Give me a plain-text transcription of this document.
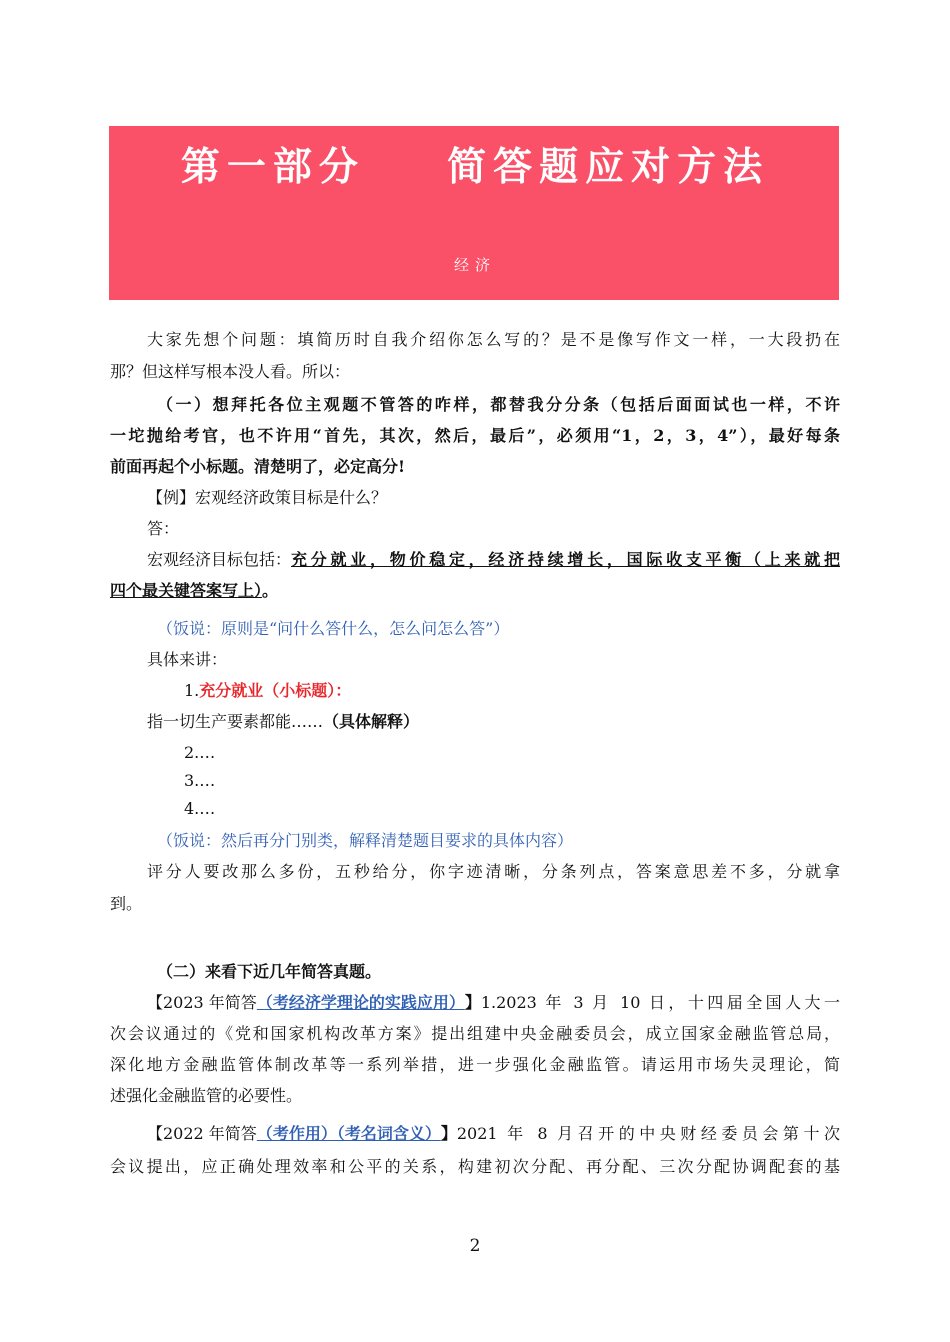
第一部分    简答题应对方法
经济
大家先想个问题：填简历时自我介绍你怎么写的？是不是像写作文一样，一大段扔在
那？但这样写根本没人看。所以：
（一）想拜托各位主观题不管答的咋样，都替我分分条（包括后面面试也一样，不许
一坨抛给考官，也不许用“首先，其次，然后，最后”，必须用“1，2，3，4”），最好每条
前面再起个小标题。清楚明了，必定高分!
【例】宏观经济政策目标是什么？
答：
宏观经济目标包括： 充分就业，物价稳定，经济持续增长，国际收支平衡（上来就把
四个最关键答案写上）。
（饭说：原则是“问什么答什么，怎么问怎么答”）
具体来讲：
1.充分就业（小标题）：
指一切生产要素都能……（具体解释）
2.…
3.…
4.…
（饭说：然后再分门别类，解释清楚题目要求的具体内容）
评分人要改那么多份，五秒给分，你字迹清晰，分条列点，答案意思差不多，分就拿
到。
（二）来看下近几年简答真题。
【2023 年简答 （考经济学理论的实践应用） 】 1.2023 年 3 月 10 日，十四届全国人大一
次会议通过的《党和国家机构改革方案》提出组建中央金融委员会，成立国家金融监管总局，
深化地方金融监管体制改革等一系列举措，进一步强化金融监管。请运用市场失灵理论，简
述强化金融监管的必要性。
【2022 年简答 （考作用）（考名词含义） 】 2021 年 8 月召开的中央财经委员会第十次
会议提出，应正确处理效率和公平的关系，构建初次分配、再分配、三次分配协调配套的基
2
